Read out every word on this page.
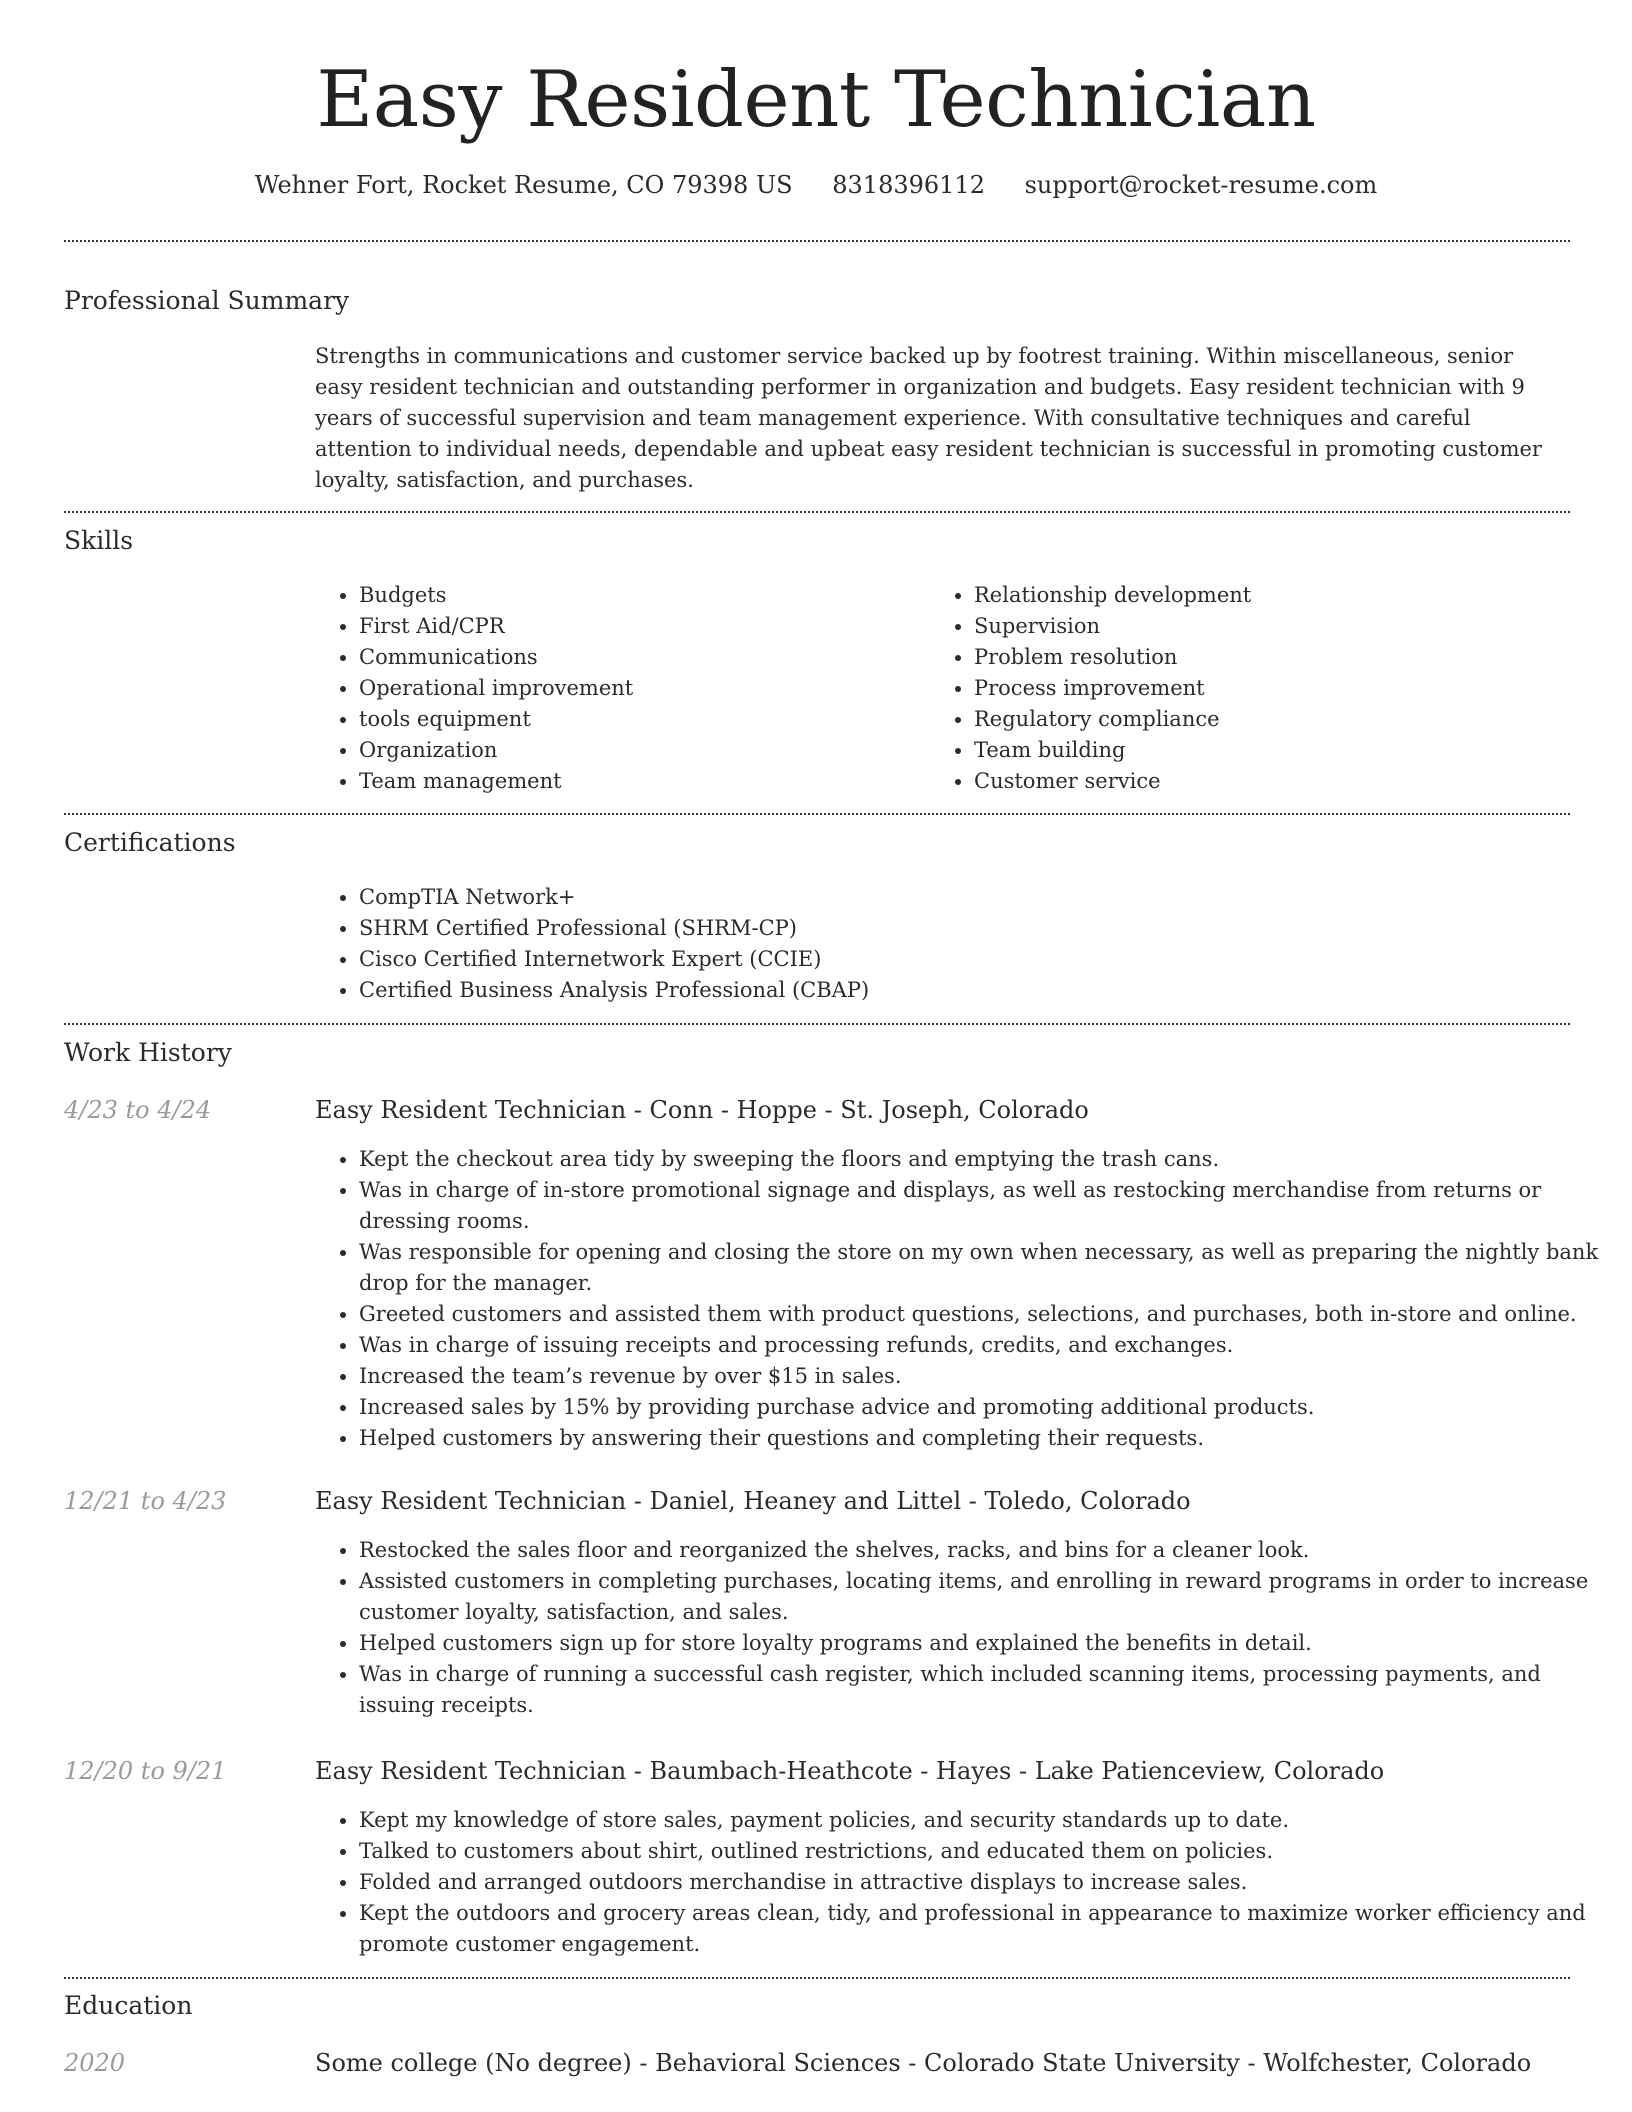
Easy Resident Technician
Wehner Fort, Rocket Resume, CO 79398 US 8318396112 support@rocket-resume.com
Professional Summary
Strengths in communications and customer service backed up by footrest training. Within miscellaneous, senior easy resident technician and outstanding performer in organization and budgets. Easy resident technician with 9 years of successful supervision and team management experience. With consultative techniques and careful attention to individual needs, dependable and upbeat easy resident technician is successful in promoting customer loyalty, satisfaction, and purchases.
Skills
• Budgets
• First Aid/CPR
• Communications
• Operational improvement
• tools equipment
• Organization
• Team management
• Relationship development
• Supervision
• Problem resolution
• Process improvement
• Regulatory compliance
• Team building
• Customer service
Certifications
• CompTIA Network+
• SHRM Certified Professional (SHRM-CP)
• Cisco Certified Internetwork Expert (CCIE)
• Certified Business Analysis Professional (CBAP)
Work History
4/23 to 4/24	Easy Resident Technician - Conn - Hoppe - St. Joseph, Colorado
• Kept the checkout area tidy by sweeping the floors and emptying the trash cans.
• Was in charge of in-store promotional signage and displays, as well as restocking merchandise from returns or dressing rooms.
• Was responsible for opening and closing the store on my own when necessary, as well as preparing the nightly bank drop for the manager.
• Greeted customers and assisted them with product questions, selections, and purchases, both in-store and online.
• Was in charge of issuing receipts and processing refunds, credits, and exchanges.
• Increased the team’s revenue by over $15 in sales.
• Increased sales by 15% by providing purchase advice and promoting additional products.
• Helped customers by answering their questions and completing their requests.
12/21 to 4/23	Easy Resident Technician - Daniel, Heaney and Littel - Toledo, Colorado
• Restocked the sales floor and reorganized the shelves, racks, and bins for a cleaner look.
• Assisted customers in completing purchases, locating items, and enrolling in reward programs in order to increase customer loyalty, satisfaction, and sales.
• Helped customers sign up for store loyalty programs and explained the benefits in detail.
• Was in charge of running a successful cash register, which included scanning items, processing payments, and issuing receipts.
12/20 to 9/21	Easy Resident Technician - Baumbach-Heathcote - Hayes - Lake Patienceview, Colorado
• Kept my knowledge of store sales, payment policies, and security standards up to date.
• Talked to customers about shirt, outlined restrictions, and educated them on policies.
• Folded and arranged outdoors merchandise in attractive displays to increase sales.
• Kept the outdoors and grocery areas clean, tidy, and professional in appearance to maximize worker efficiency and promote customer engagement.
Education
2020	Some college (No degree) - Behavioral Sciences - Colorado State University - Wolfchester, Colorado
